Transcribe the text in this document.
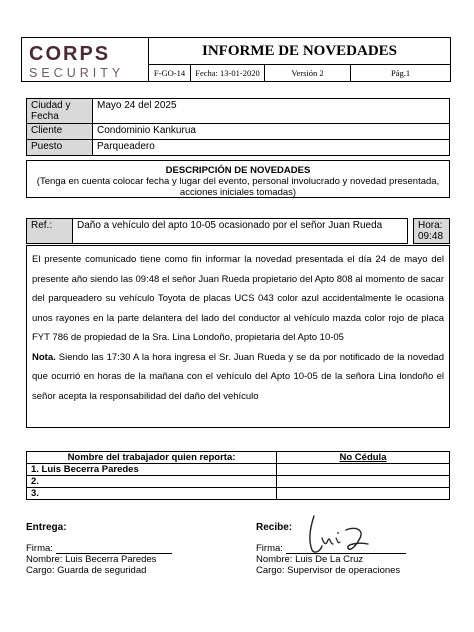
CORPS
SECURITY
INFORME DE NOVEDADES
F-GO-14	Fecha: 13-01-2020	Versión 2	Pág.1
Ciudad y Fecha	Mayo 24 del 2025
Cliente	Condominio Kankurua
Puesto	Parqueadero
DESCRIPCIÓN DE NOVEDADES
(Tenga en cuenta colocar fecha y lugar del evento, personal involucrado y novedad presentada, acciones iniciales tomadas)
Ref.:	Daño a vehículo del apto 10-05 ocasionado por el señor Juan Rueda		Hora:
09:48

El presente comunicado tiene como fin informar la novedad presentada el día 24 de mayo del presente año siendo las 09:48 el señor Juan Rueda propietario del Apto 808 al momento de sacar del parqueadero su vehículo Toyota de placas UCS 043 color azul accidentalmente le ocasiona unos rayones en la parte delantera del lado del conductor al vehículo mazda color rojo de placa FYT 786 de propiedad de la Sra. Lina Londoño, propietaria del Apto 10-05

Nota. Siendo las 17:30 A la hora ingresa el Sr. Juan Rueda y se da por notificado de la novedad que ocurrió en horas de la mañana con el vehículo del Apto 10-05 de la señora Lina londoño el señor acepta la responsabilidad del daño del vehículo

Nombre del trabajador quien reporta:	No Cédula
1. Luis Becerra Paredes	
2.	
3.	
Entrega:
Firma:
Nombre: Luis Becerra Paredes
Cargo: Guarda de seguridad
Recibe:
Firma:
Nombre: Luis De La Cruz
Cargo: Supervisor de operaciones
